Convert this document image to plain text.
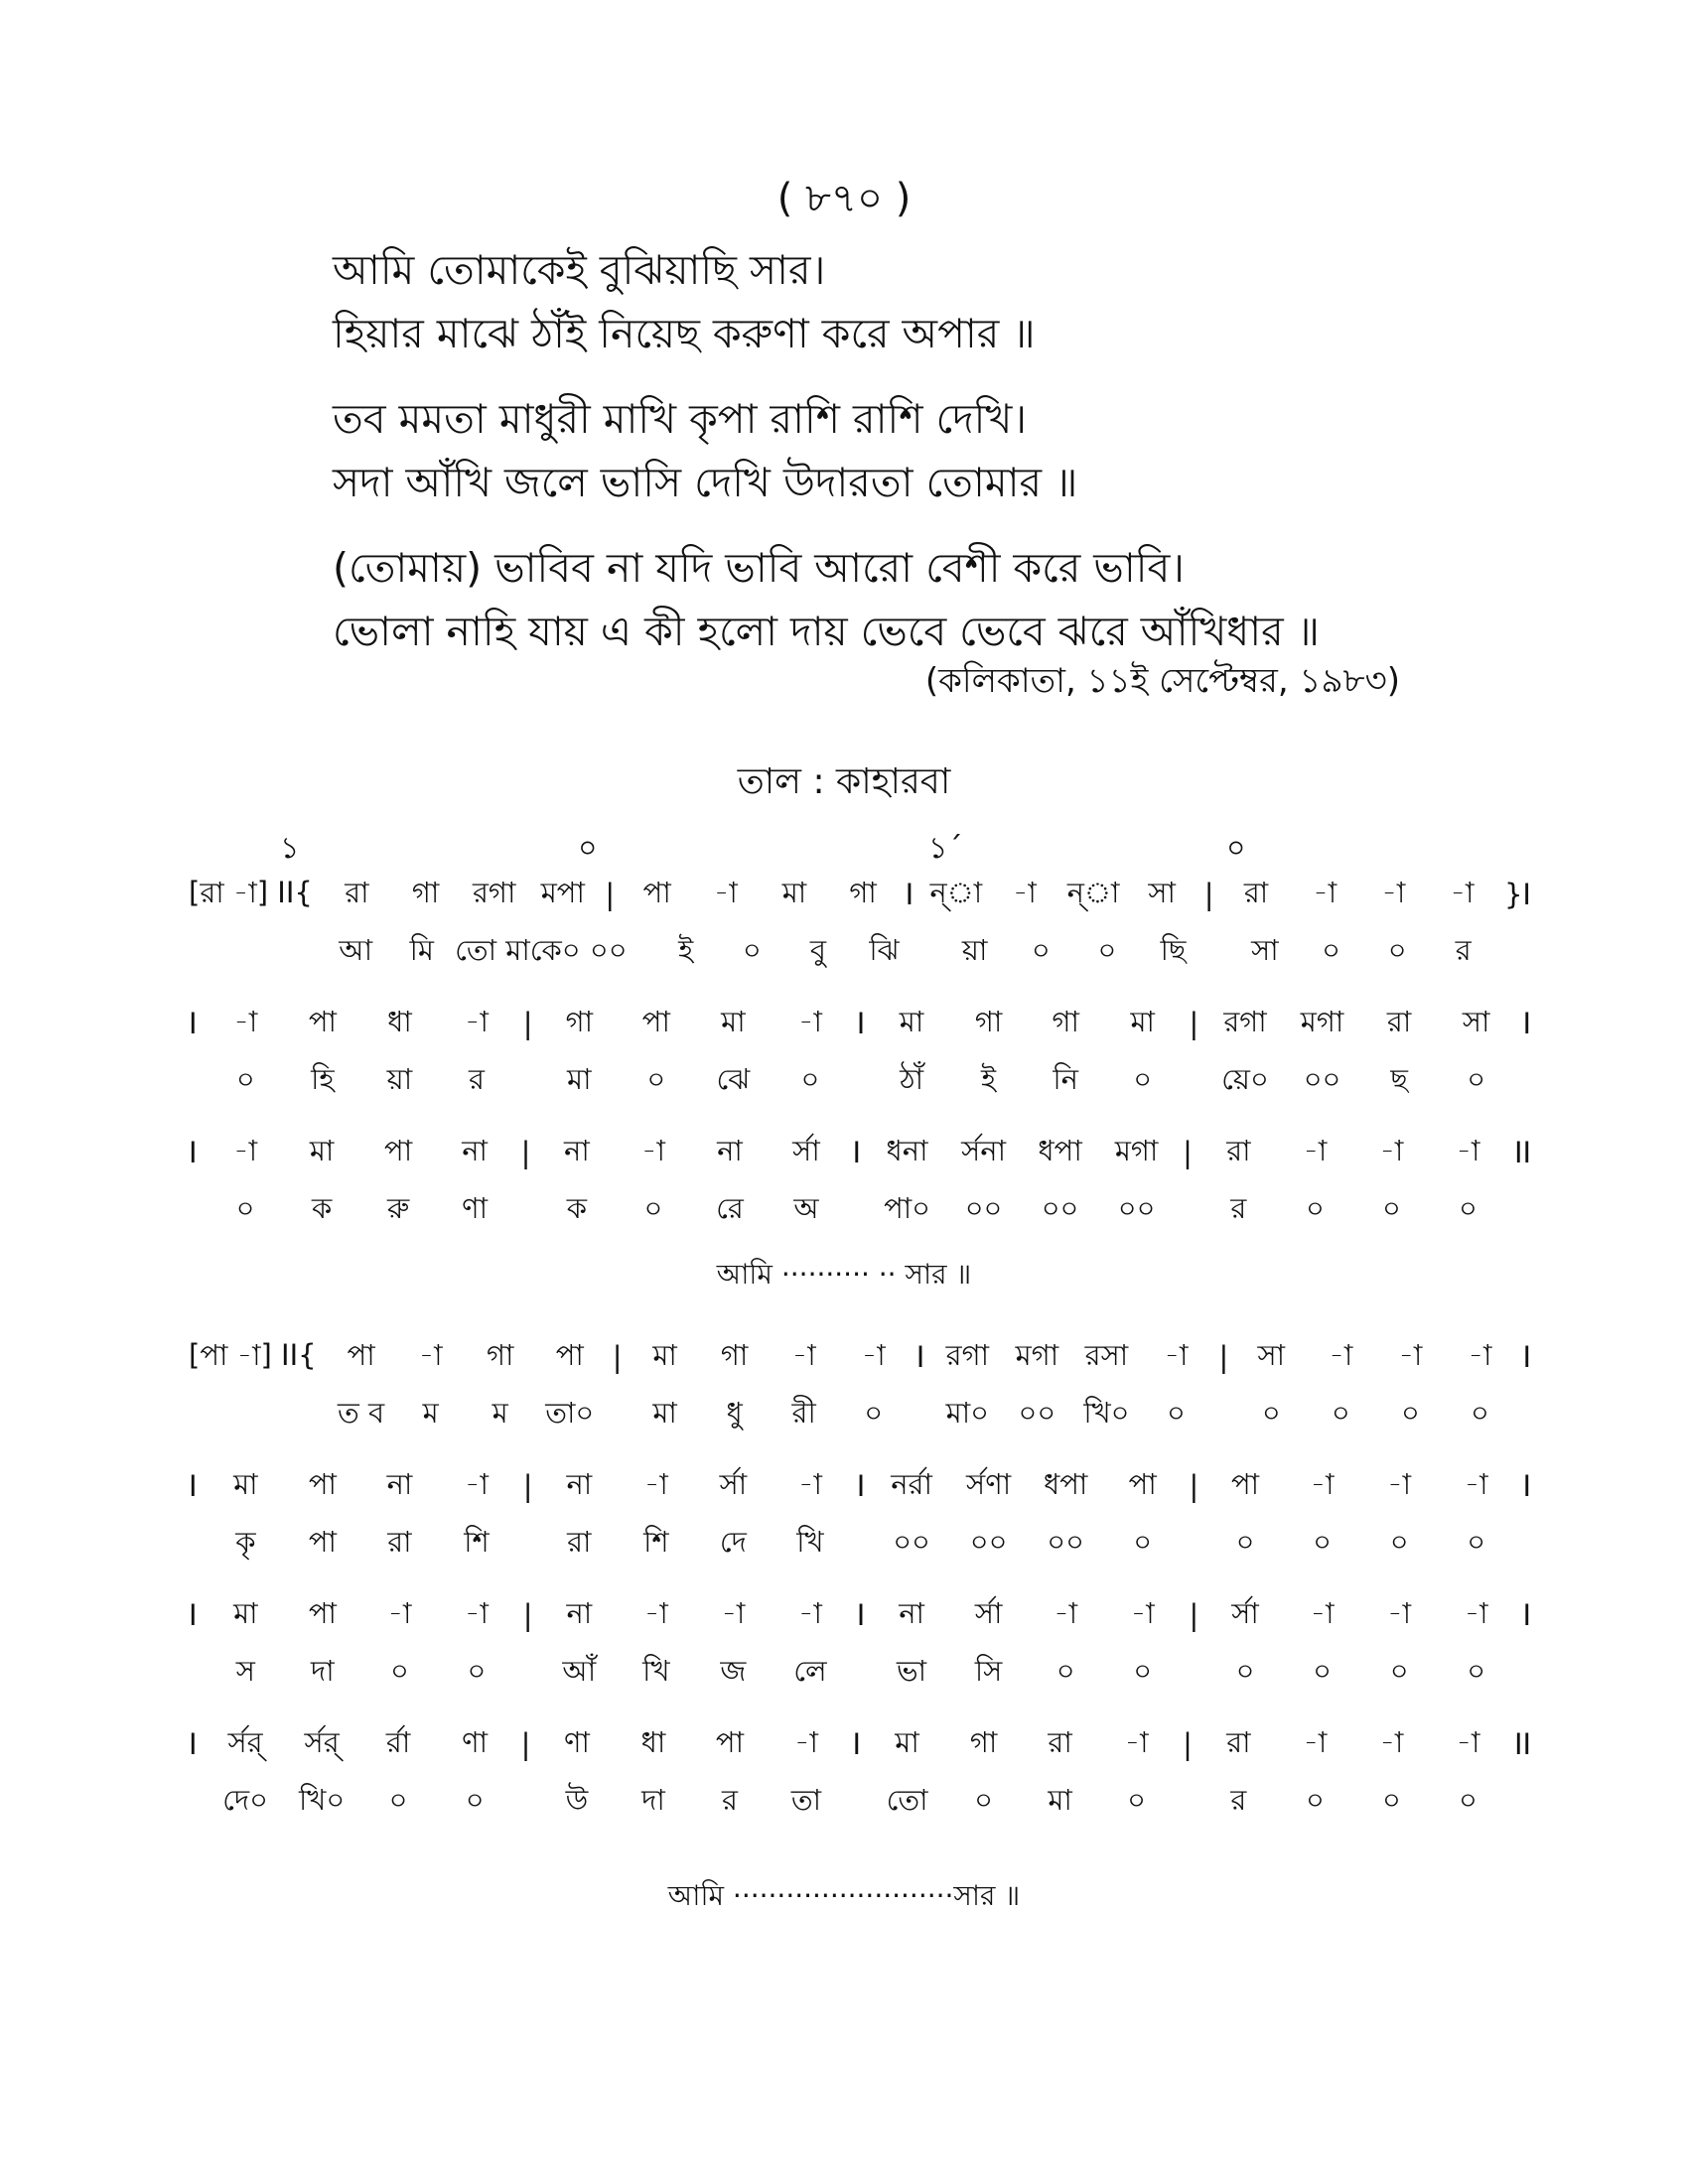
( ৮৭০ )
আমি তোমাকেই বুঝিয়াছি সার।
হিয়ার মাঝে ঠাঁই নিয়েছ করুণা করে অপার ॥
তব মমতা মাধুরী মাখি কৃপা রাশি রাশি দেখি।
সদা আঁখি জলে ভাসি দেখি উদারতা তোমার ॥
(তোমায়) ভাবিব না যদি ভাবি আরো বেশী করে ভাবি।
ভোলা নাহি যায় এ কী হলো দায় ভেবে ভেবে ঝরে আঁখিধার ॥
(কলিকাতা, ১১ই সেপ্টেম্বর, ১৯৮৩)
তাল : কাহারবা
১	০	১´	০
[রা -া] II{	রা	গা	রগা মপা | পা	-া	মা	গা I ন্া	-া	ন্া সা |	রা	-া	-া	-া	}I
আ	মি তো মা কে০ ০০	ই	০	বু	ঝি	য়া	০	০	ছি	সা	০	০	র
I	-া	পা	ধা	-া	|	গা	পা	মা	-া	I	মা	গা	গা	মা	| রগা	মগা	রা	সা	I
০	হি	য়া	র	মা	০	ঝে	০	ঠাঁ	ই	নি	০	য়ে০	০০	ছ	০
I	-া	মা	পা	না	|	না	-া	না	র্সা	I ধনা	র্সনা	ধপা	মগা |	রা	-া	-া	-া	II
০	ক	রু	ণা	ক	০	রে	অ	পা০	০০	০০	০০	র	০	০	০
আমি ·········· ·· সার ॥
[পা -া] II{	পা	-া	গা	পা |	মা	গা	-া	-া	I রগা মগা রসা	-া	|	সা	-া	-া	-া	I
ত ব	ম	ম	তা০	মা	ধু	রী	০	মা০	০০ খি০	০	০	০	০	০
I	মা	পা	না	-া	|	না	-া	র্সা	-া	I নর্রা	র্সণা	ধপা	পা	|	পা	-া	-া	-া	I
কৃ	পা	রা	শি	রা	শি	দে	খি	০০	০০	০০	০	০	০	০	০
I	মা	পা	-া	-া	|	না	-া	-া	-া	I	না	র্সা	-া	-া	|	র্সা	-া	-া	-া	I
স	দা	০	০	আঁ	খি	জ	লে	ভা	সি	০	০	০	০	০	০
I	র্সর্	র্সর্	র্রা	ণা	|	ণা	ধা	পা	-া	I	মা	গা	রা	-া	|	রা	-া	-া	-া	II
দে০	খি০	০	০	উ	দা	র	তা	তো	০	মা	০	র	০	০	০
আমি ·························সার ॥
